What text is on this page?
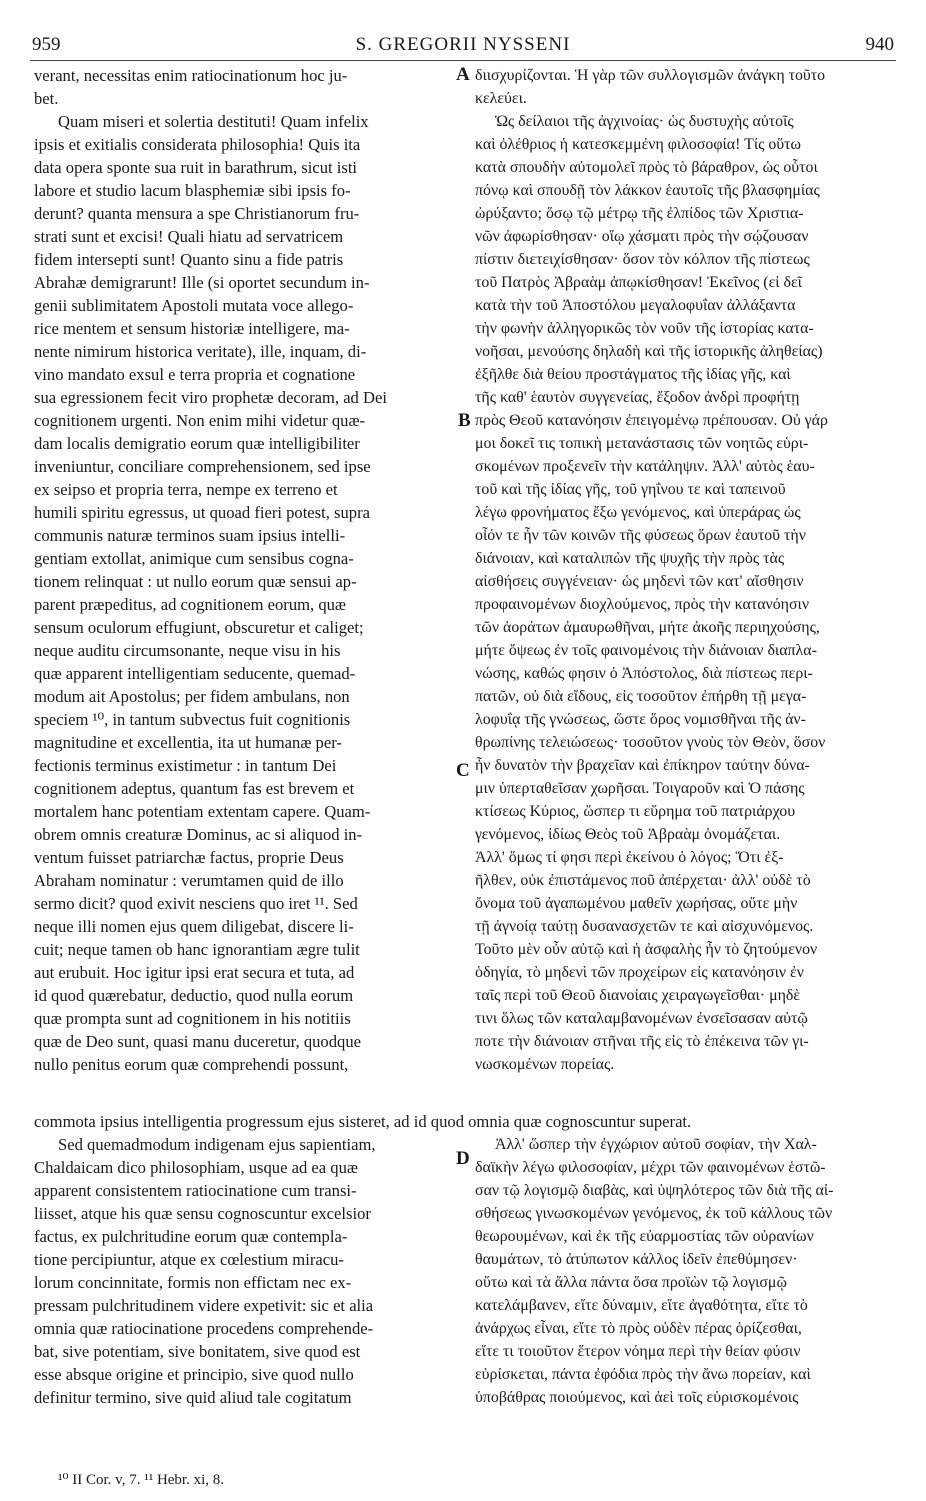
959	S. GREGORII NYSSENI	940
verant, necessitas enim ratiocinationum hoc ju-
bet.
Quam miseri et solertia destituti! Quam infelix
ipsis et exitialis considerata philosophia! Quis ita
data opera sponte sua ruit in barathrum, sicut isti
labore et studio lacum blasphemiæ sibi ipsis fo-
derunt? quanta mensura a spe Christianorum fru-
strati sunt et excisi! Quali hiatu ad servatricem
fidem intersepti sunt! Quanto sinu a fide patris
Abrahæ demigrarunt! Ille (si oportet secundum in-
genii sublimitatem Apostoli mutata voce allego-
rice mentem et sensum historiæ intelligere, ma-
nente nimirum historica veritate), ille, inquam, di-
vino mandato exsul e terra propria et cognatione
sua egressionem fecit viro prophetæ decoram, ad Dei
cognitionem urgenti. Non enim mihi videtur quæ-
dam localis demigratio eorum quæ intelligibiliter
inveniuntur, conciliare comprehensionem, sed ipse
ex seipso et propria terra, nempe ex terreno et
humili spiritu egressus, ut quoad fieri potest, supra
communis naturæ terminos suam ipsius intelli-
gentiam extollat, animique cum sensibus cogna-
tionem relinquat : ut nullo eorum quæ sensui ap-
parent præpeditus, ad cognitionem eorum, quæ
sensum oculorum effugiunt, obscuretur et caliget;
neque auditu circumsonante, neque visu in his
quæ apparent intelligentiam seducente, quemad-
modum ait Apostolus; per fidem ambulans, non
speciem ¹⁰, in tantum subvectus fuit cognitionis
magnitudine et excellentia, ita ut humanæ per-
fectionis terminus existimetur : in tantum Dei
cognitionem adeptus, quantum fas est brevem et
mortalem hanc potentiam extentam capere. Quam-
obrem omnis creaturæ Dominus, ac si aliquod in-
ventum fuisset patriarchæ factus, proprie Deus
Abraham nominatur : verumtamen quid de illo
sermo dicit? quod exivit nesciens quo iret ¹¹. Sed
neque illi nomen ejus quem diligebat, discere li-
cuit; neque tamen ob hanc ignorantiam ægre tulit
aut erubuit. Hoc igitur ipsi erat secura et tuta, ad
id quod quærebatur, deductio, quod nulla eorum
quæ prompta sunt ad cognitionem in his notitiis
quæ de Deo sunt, quasi manu duceretur, quodque
nullo penitus eorum quæ comprehendi possunt,
διισχυρίζονται. Ἡ γὰρ τῶν συλλογισμῶν ἀνάγκη τοῦτο
κελεύει.
Ὡς δείλαιοι τῆς ἀγχινοίας· ὡς δυστυχὴς αὐτοῖς
καὶ ὀλέθριος ἡ κατεσκεμμένη φιλοσοφία! Τίς οὕτω
κατὰ σπουδὴν αὐτομολεῖ πρὸς τὸ βάραθρον, ὡς οὗτοι
πόνῳ καὶ σπουδῇ τὸν λάκκον ἑαυτοῖς τῆς βλασφημίας
ὠρύξαντο; ὅσῳ τῷ μέτρῳ τῆς ἐλπίδος τῶν Χριστια-
νῶν ἀφωρίσθησαν· οἵῳ χάσματι πρὸς τὴν σῴζουσαν
πίστιν διετειχίσθησαν· ὅσον τὸν κόλπον τῆς πίστεως
τοῦ Πατρὸς Ἀβραὰμ ἀπῳκίσθησαν! Ἐκεῖνος (εἰ δεῖ
κατὰ τὴν τοῦ Ἀποστόλου μεγαλοφυΐαν ἀλλάξαντα
τὴν φωνὴν ἀλληγορικῶς τὸν νοῦν τῆς ἱστορίας κατα-
νοῆσαι, μενούσης δηλαδὴ καὶ τῆς ἱστορικῆς ἀληθείας)
ἐξῆλθε διὰ θείου προστάγματος τῆς ἰδίας γῆς, καὶ
τῆς καθ' ἑαυτὸν συγγενείας, ἔξοδον ἀνδρὶ προφήτῃ
πρὸς Θεοῦ κατανόησιν ἐπειγομένῳ πρέπουσαν. Οὐ γάρ
μοι δοκεῖ τις τοπικὴ μετανάστασις τῶν νοητῶς εὑρι-
σκομένων προξενεῖν τὴν κατάληψιν. Ἀλλ' αὐτὸς ἑαυ-
τοῦ καὶ τῆς ἰδίας γῆς, τοῦ γηΐνου τε καὶ ταπεινοῦ
λέγω φρονήματος ἔξω γενόμενος, καὶ ὑπεράρας ὡς
οἷόν τε ἦν τῶν κοινῶν τῆς φύσεως ὅρων ἑαυτοῦ τὴν
διάνοιαν, καὶ καταλιπὼν τῆς ψυχῆς τὴν πρὸς τὰς
αἰσθήσεις συγγένειαν· ὡς μηδενὶ τῶν κατ' αἴσθησιν
προφαινομένων διοχλούμενος, πρὸς τὴν κατανόησιν
τῶν ἀοράτων ἀμαυρωθῆναι, μήτε ἀκοῆς περιηχούσης,
μήτε ὄψεως ἐν τοῖς φαινομένοις τὴν διάνοιαν διαπλα-
νώσης, καθώς φησιν ὁ Ἀπόστολος, διὰ πίστεως περι-
πατῶν, οὐ διὰ εἴδους, εἰς τοσοῦτον ἐπήρθη τῇ μεγα-
λοφυΐᾳ τῆς γνώσεως, ὥστε ὅρος νομισθῆναι τῆς ἀν-
θρωπίνης τελειώσεως· τοσοῦτον γνοὺς τὸν Θεὸν, ὅσον
ἦν δυνατὸν τὴν βραχεῖαν καὶ ἐπίκηρον ταύτην δύνα-
μιν ὑπερταθεῖσαν χωρῆσαι. Τοιγαροῦν καὶ Ὁ πάσης
κτίσεως Κύριος, ὥσπερ τι εὕρημα τοῦ πατριάρχου
γενόμενος, ἰδίως Θεὸς τοῦ Ἀβραὰμ ὀνομάζεται.
Ἀλλ' ὅμως τί φησι περὶ ἐκείνου ὁ λόγος; Ὅτι ἐξ-
ῆλθεν, οὐκ ἐπιστάμενος ποῦ ἀπέρχεται· ἀλλ' οὐδὲ τὸ
ὄνομα τοῦ ἀγαπωμένου μαθεῖν χωρήσας, οὔτε μὴν
τῇ ἀγνοίᾳ ταύτῃ δυσανασχετῶν τε καὶ αἰσχυνόμενος.
Τοῦτο μὲν οὖν αὐτῷ καὶ ἡ ἀσφαλὴς ἦν τὸ ζητούμενον
ὁδηγία, τὸ μηδενὶ τῶν προχείρων εἰς κατανόησιν ἐν
ταῖς περὶ τοῦ Θεοῦ διανοίαις χειραγωγεῖσθαι· μηδὲ
τινι ὅλως τῶν καταλαμβανομένων ἐνσεῖσασαν αὐτῷ
ποτε τὴν διάνοιαν στῆναι τῆς εἰς τὸ ἐπέκεινα τῶν γι-
νωσκομένων πορείας.
commota ipsius intelligentia progressum ejus sisteret, ad id quod omnia quæ cognoscuntur superat.
Sed quemadmodum indigenam ejus sapientiam,
Chaldaicam dico philosophiam, usque ad ea quæ
apparent consistentem ratiocinatione cum transi-
liisset, atque his quæ sensu cognoscuntur excelsior
factus, ex pulchritudine eorum quæ contempla-
tione percipiuntur, atque ex cœlestium miracu-
lorum concinnitate, formis non effictam nec ex-
pressam pulchritudinem videre expetivit: sic et alia
omnia quæ ratiocinatione procedens comprehende-
bat, sive potentiam, sive bonitatem, sive quod est
esse absque origine et principio, sive quod nullo
definitur termino, sive quid aliud tale cogitatum
Ἀλλ' ὥσπερ τὴν ἐγχώριον αὐτοῦ σοφίαν, τὴν Χαλ-
δαϊκὴν λέγω φιλοσοφίαν, μέχρι τῶν φαινομένων ἑστῶ-
σαν τῷ λογισμῷ διαβὰς, καὶ ὑψηλότερος τῶν διὰ τῆς αἰ-
σθήσεως γινωσκομένων γενόμενος, ἐκ τοῦ κάλλους τῶν
θεωρουμένων, καὶ ἐκ τῆς εὐαρμοστίας τῶν οὐρανίων
θαυμάτων, τὸ ἀτύπωτον κάλλος ἰδεῖν ἐπεθύμησεν·
οὕτω καὶ τὰ ἄλλα πάντα ὅσα προϊὼν τῷ λογισμῷ
κατελάμβανεν, εἴτε δύναμιν, εἴτε ἀγαθότητα, εἴτε τὸ
ἀνάρχως εἶναι, εἴτε τὸ πρὸς οὐδὲν πέρας ὁρίζεσθαι,
εἴτε τι τοιοῦτον ἕτερον νόημα περὶ τὴν θείαν φύσιν
εὑρίσκεται, πάντα ἐφόδια πρὸς τὴν ἄνω πορείαν, καὶ
ὑποβάθρας ποιούμενος, καὶ ἀεὶ τοῖς εὑρισκομένοις
A
B
C
D
¹⁰ II Cor. v, 7. ¹¹ Hebr. xi, 8.
